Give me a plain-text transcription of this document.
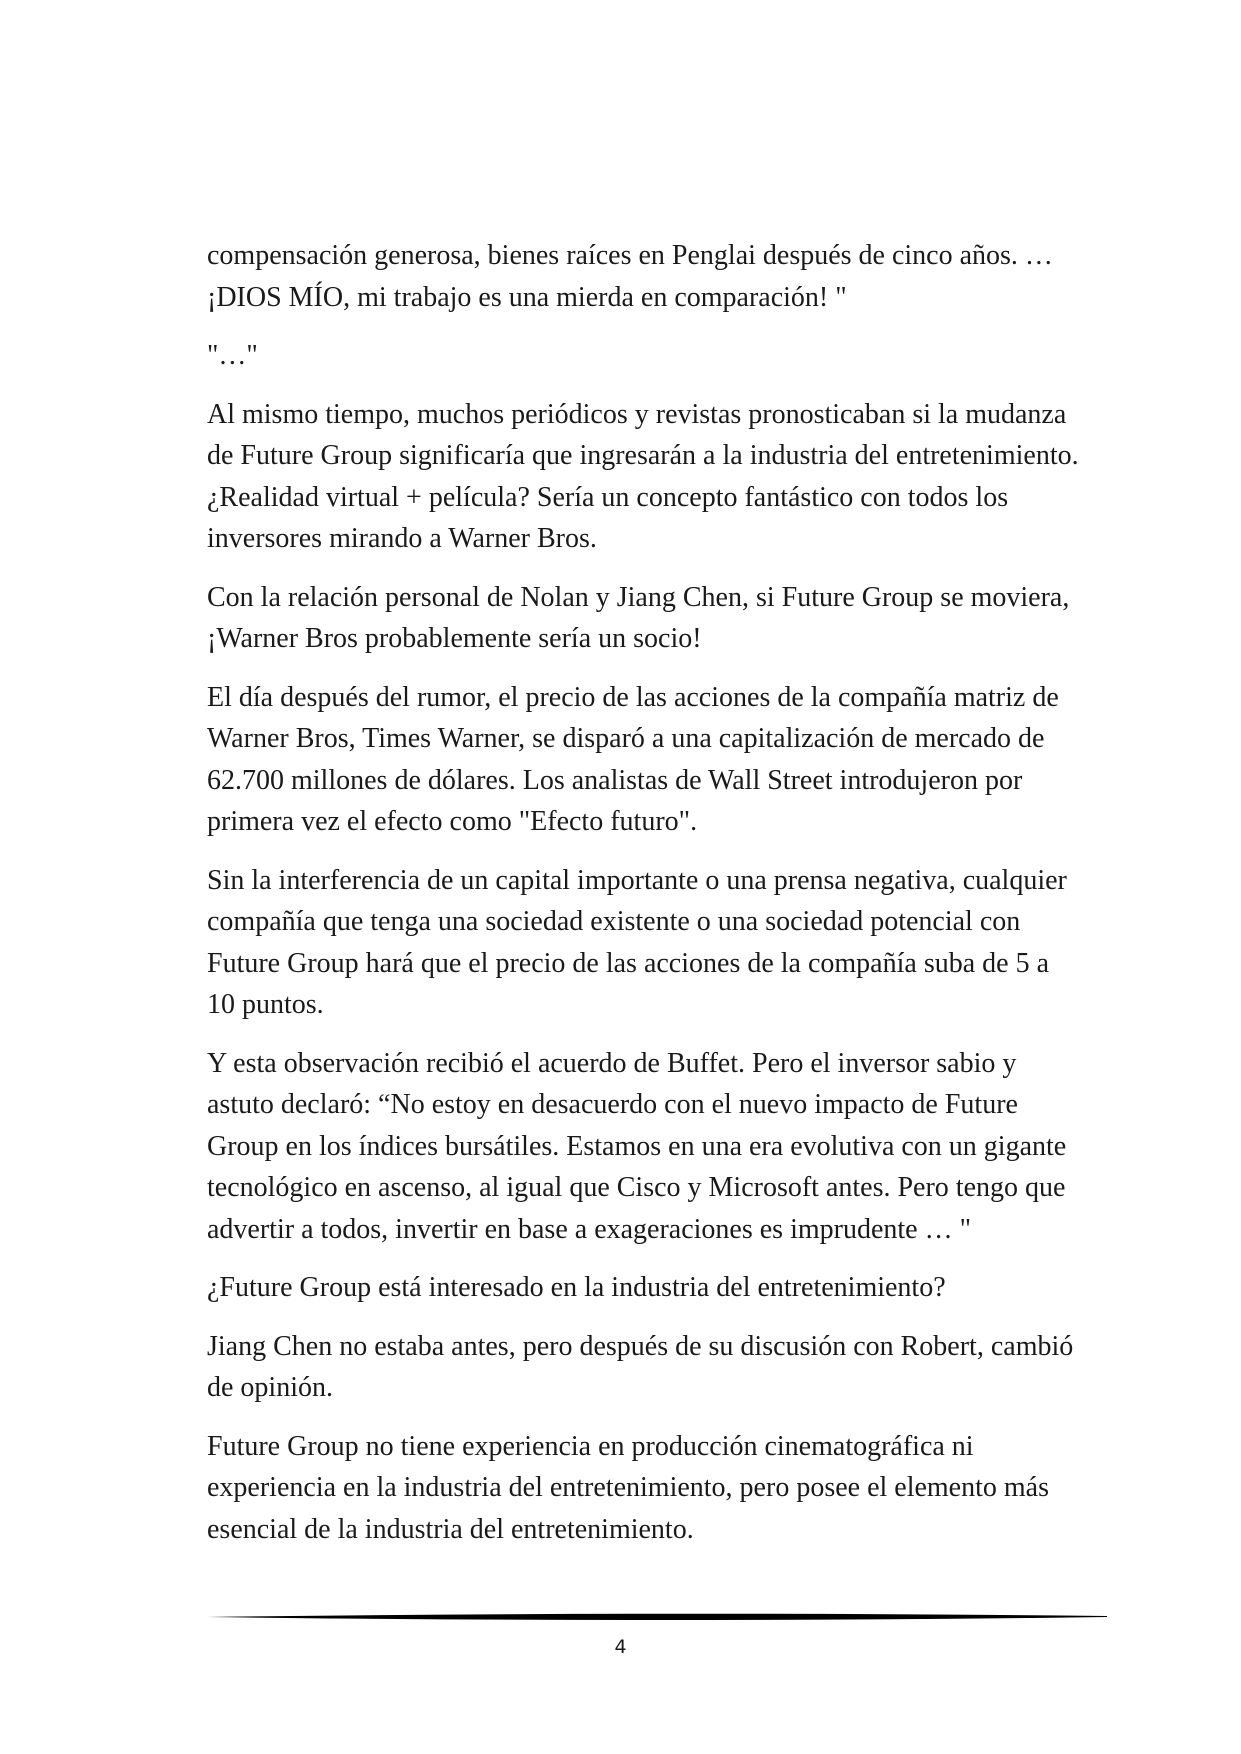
compensación generosa, bienes raíces en Penglai después de cinco años. … ¡DIOS MÍO, mi trabajo es una mierda en comparación! "

"…"

Al mismo tiempo, muchos periódicos y revistas pronosticaban si la mudanza de Future Group significaría que ingresarán a la industria del entretenimiento. ¿Realidad virtual + película? Sería un concepto fantástico con todos los inversores mirando a Warner Bros.

Con la relación personal de Nolan y Jiang Chen, si Future Group se moviera, ¡Warner Bros probablemente sería un socio!

El día después del rumor, el precio de las acciones de la compañía matriz de Warner Bros, Times Warner, se disparó a una capitalización de mercado de 62.700 millones de dólares. Los analistas de Wall Street introdujeron por primera vez el efecto como "Efecto futuro".

Sin la interferencia de un capital importante o una prensa negativa, cualquier compañía que tenga una sociedad existente o una sociedad potencial con Future Group hará que el precio de las acciones de la compañía suba de 5 a 10 puntos.

Y esta observación recibió el acuerdo de Buffet. Pero el inversor sabio y astuto declaró: “No estoy en desacuerdo con el nuevo impacto de Future Group en los índices bursátiles. Estamos en una era evolutiva con un gigante tecnológico en ascenso, al igual que Cisco y Microsoft antes. Pero tengo que advertir a todos, invertir en base a exageraciones es imprudente … "

¿Future Group está interesado en la industria del entretenimiento?

Jiang Chen no estaba antes, pero después de su discusión con Robert, cambió de opinión.

Future Group no tiene experiencia en producción cinematográfica ni experiencia en la industria del entretenimiento, pero posee el elemento más esencial de la industria del entretenimiento.

4
